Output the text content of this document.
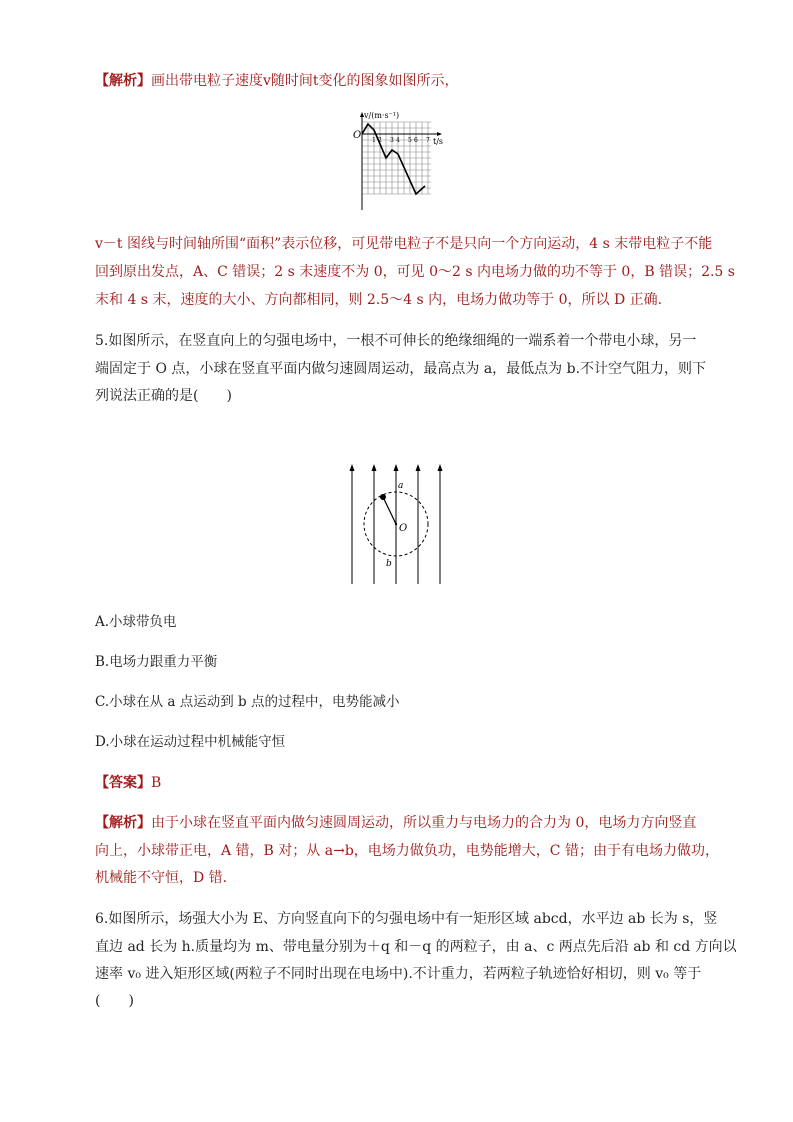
【解析】画出带电粒子速度v随时间t变化的图象如图所示，
v/(m·s⁻¹)
O
t/s
1 2 3 4 5 6 7
v－t 图线与时间轴所围“面积”表示位移，可见带电粒子不是只向一个方向运动，4 s 末带电粒子不能
回到原出发点，A、C 错误；2 s 末速度不为 0，可见 0～2 s 内电场力做的功不等于 0，B 错误；2.5 s
末和 4 s 末，速度的大小、方向都相同，则 2.5～4 s 内，电场力做功等于 0，所以 D 正确.
5.如图所示，在竖直向上的匀强电场中，一根不可伸长的绝缘细绳的一端系着一个带电小球，另一
端固定于 O 点，小球在竖直平面内做匀速圆周运动，最高点为 a，最低点为 b.不计空气阻力，则下
列说法正确的是(　　)
a
O
b
A.小球带负电
B.电场力跟重力平衡
C.小球在从 a 点运动到 b 点的过程中，电势能减小
D.小球在运动过程中机械能守恒
【答案】B
【解析】由于小球在竖直平面内做匀速圆周运动，所以重力与电场力的合力为 0，电场力方向竖直
向上，小球带正电，A 错，B 对；从 a→b，电场力做负功，电势能增大，C 错；由于有电场力做功，
机械能不守恒，D 错.
6.如图所示，场强大小为 E、方向竖直向下的匀强电场中有一矩形区域 abcd，水平边 ab 长为 s，竖
直边 ad 长为 h.质量均为 m、带电量分别为＋q 和－q 的两粒子，由 a、c 两点先后沿 ab 和 cd 方向以
速率 v₀ 进入矩形区域(两粒子不同时出现在电场中).不计重力，若两粒子轨迹恰好相切，则 v₀ 等于
(　　)
